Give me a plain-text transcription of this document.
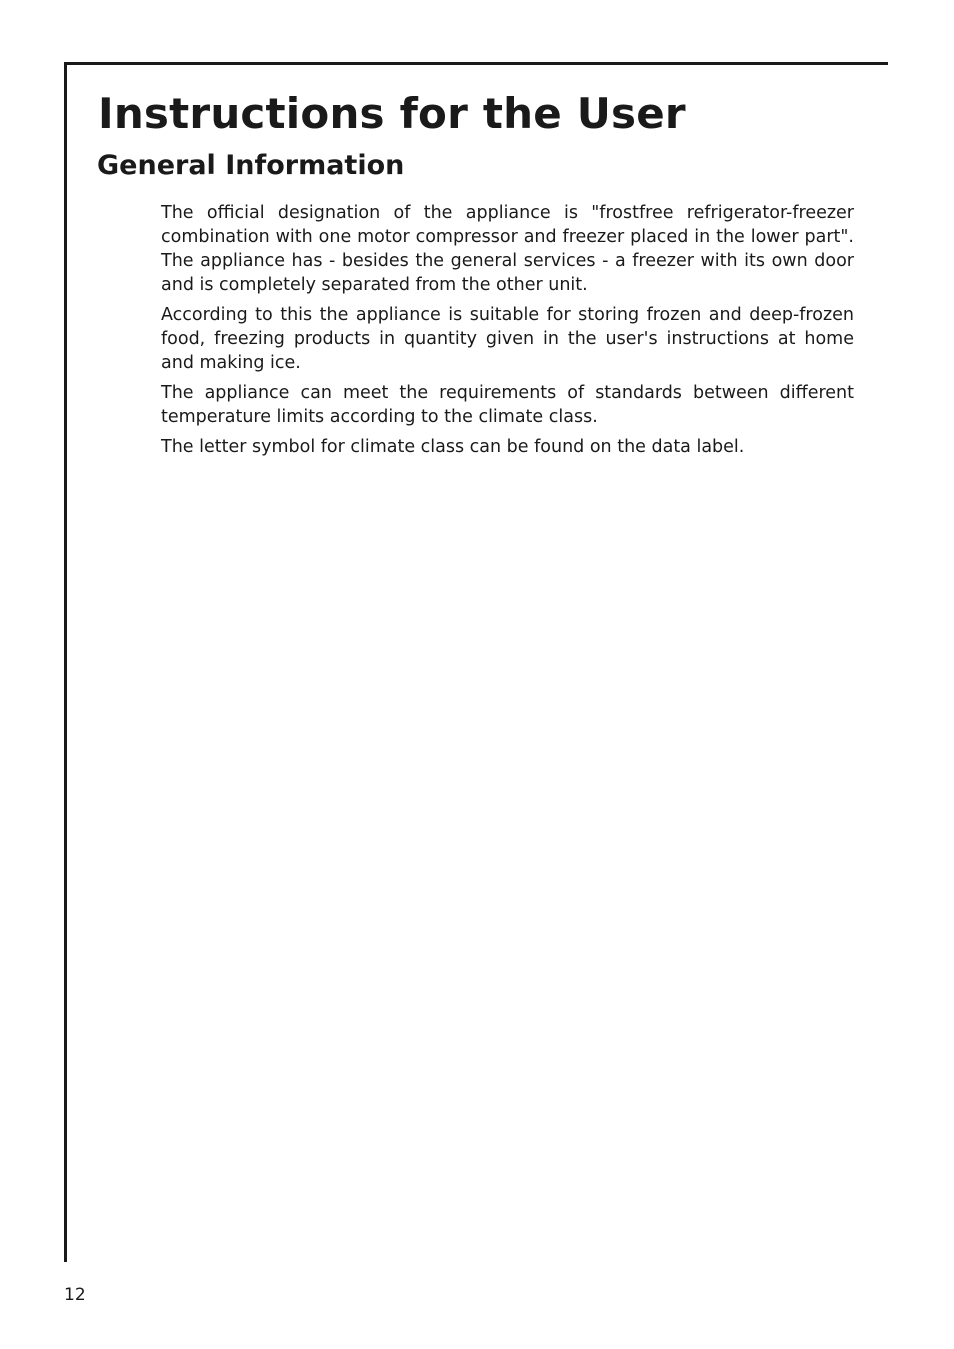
Instructions for the User
General Information

The official designation of the appliance is "frostfree refrigerator-freezer combination with one motor compressor and freezer placed in the lower part". The appliance has - besides the general services - a freezer with its own door and is completely separated from the other unit.

According to this the appliance is suitable for storing frozen and deep-frozen food, freezing products in quantity given in the user's instructions at home and making ice.

The appliance can meet the requirements of standards between different temperature limits according to the climate class.

The letter symbol for climate class can be found on the data label.

12
